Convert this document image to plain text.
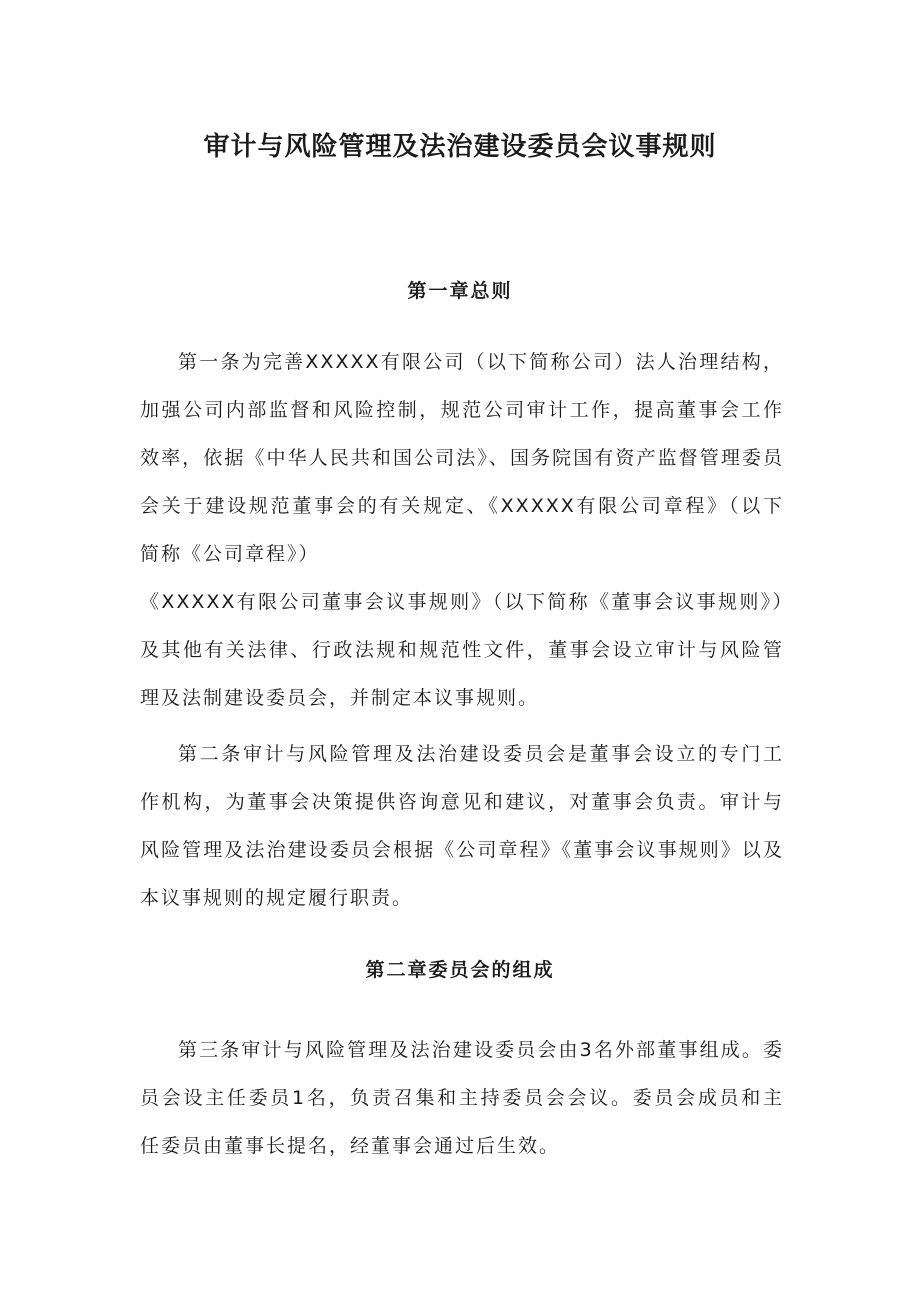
审计与风险管理及法治建设委员会议事规则
第一章总则

第一条为完善XXXXX有限公司（以下简称公司）法人治理结构，加强公司内部监督和风险控制，规范公司审计工作，提高董事会工作效率，依据《中华人民共和国公司法》、国务院国有资产监督管理委员会关于建设规范董事会的有关规定、《XXXXX有限公司章程》（以下简称《公司章程》）

《XXXXX有限公司董事会议事规则》（以下简称《董事会议事规则》）及其他有关法律、行政法规和规范性文件，董事会设立审计与风险管理及法制建设委员会，并制定本议事规则。

第二条审计与风险管理及法治建设委员会是董事会设立的专门工作机构，为董事会决策提供咨询意见和建议，对董事会负责。审计与风险管理及法治建设委员会根据《公司章程》《董事会议事规则》以及本议事规则的规定履行职责。

第二章委员会的组成

第三条审计与风险管理及法治建设委员会由3名外部董事组成。委员会设主任委员1名，负责召集和主持委员会会议。委员会成员和主任委员由董事长提名，经董事会通过后生效。
